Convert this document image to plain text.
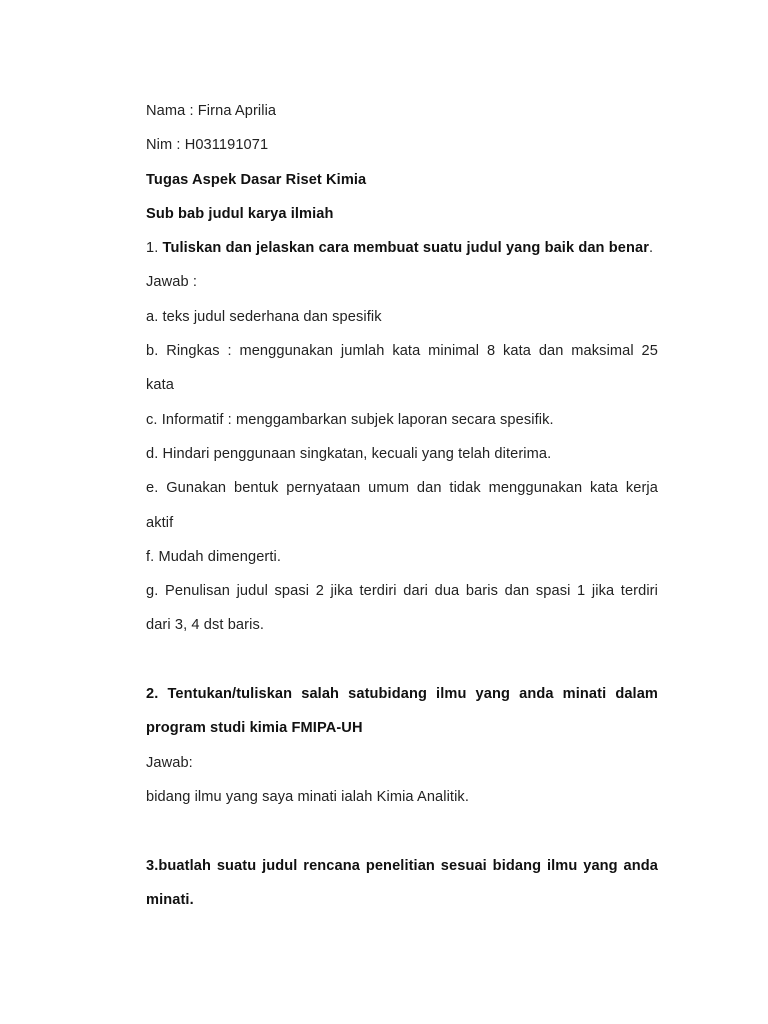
Nama : Firna Aprilia
Nim : H031191071
Tugas Aspek Dasar Riset Kimia
Sub bab judul karya ilmiah
1. Tuliskan dan jelaskan cara membuat suatu judul yang baik dan benar.
Jawab :
a. teks judul sederhana dan spesifik
b. Ringkas : menggunakan jumlah kata minimal 8 kata dan maksimal 25
kata
c. Informatif : menggambarkan subjek laporan secara spesifik.
d. Hindari penggunaan singkatan, kecuali yang telah diterima.
e. Gunakan bentuk pernyataan umum dan tidak menggunakan kata kerja
aktif
f. Mudah dimengerti.
g. Penulisan judul spasi 2 jika terdiri dari dua baris dan spasi 1 jika terdiri
dari 3, 4 dst baris.
2. Tentukan/tuliskan salah satubidang ilmu yang anda minati dalam
program studi kimia FMIPA-UH
Jawab:
bidang ilmu yang saya minati ialah Kimia Analitik.
3.buatlah suatu judul rencana penelitian sesuai bidang ilmu yang anda
minati.
